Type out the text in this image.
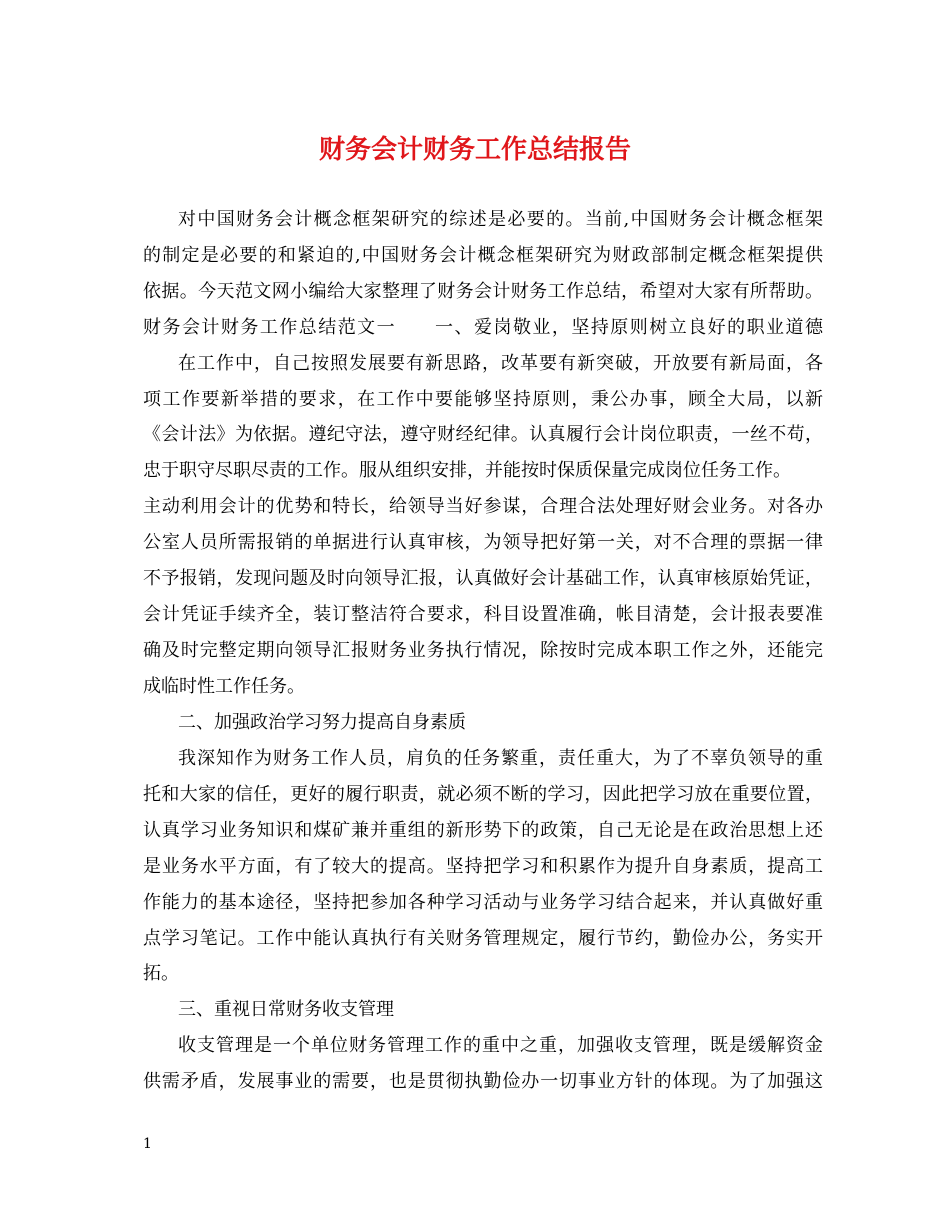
财务会计财务工作总结报告
对中国财务会计概念框架研究的综述是必要的。当前,中国财务会计概念框架
的制定是必要的和紧迫的,中国财务会计概念框架研究为财政部制定概念框架提供
依据。今天范文网小编给大家整理了财务会计财务工作总结，希望对大家有所帮助。
财务会计财务工作总结范文一　　一、爱岗敬业，坚持原则树立良好的职业道德
在工作中，自己按照发展要有新思路，改革要有新突破，开放要有新局面，各
项工作要新举措的要求，在工作中要能够坚持原则，秉公办事，顾全大局，以新
《会计法》为依据。遵纪守法，遵守财经纪律。认真履行会计岗位职责，一丝不苟，
忠于职守尽职尽责的工作。服从组织安排，并能按时保质保量完成岗位任务工作。
主动利用会计的优势和特长，给领导当好参谋，合理合法处理好财会业务。对各办
公室人员所需报销的单据进行认真审核，为领导把好第一关，对不合理的票据一律
不予报销，发现问题及时向领导汇报，认真做好会计基础工作，认真审核原始凭证，
会计凭证手续齐全，装订整洁符合要求，科目设置准确，帐目清楚，会计报表要准
确及时完整定期向领导汇报财务业务执行情况，除按时完成本职工作之外，还能完
成临时性工作任务。
二、加强政治学习努力提高自身素质
我深知作为财务工作人员，肩负的任务繁重，责任重大，为了不辜负领导的重
托和大家的信任，更好的履行职责，就必须不断的学习，因此把学习放在重要位置，
认真学习业务知识和煤矿兼并重组的新形势下的政策，自己无论是在政治思想上还
是业务水平方面，有了较大的提高。坚持把学习和积累作为提升自身素质，提高工
作能力的基本途径，坚持把参加各种学习活动与业务学习结合起来，并认真做好重
点学习笔记。工作中能认真执行有关财务管理规定，履行节约，勤俭办公，务实开
拓。
三、重视日常财务收支管理
收支管理是一个单位财务管理工作的重中之重，加强收支管理，既是缓解资金
供需矛盾，发展事业的需要，也是贯彻执勤俭办一切事业方针的体现。为了加强这
1
